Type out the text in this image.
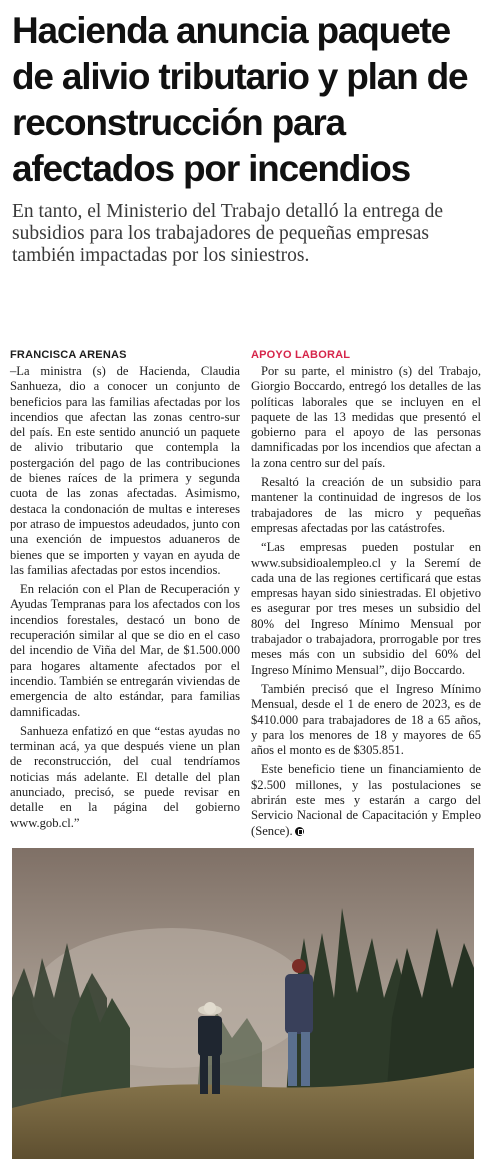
Hacienda anuncia paquete de alivio tributario y plan de reconstrucción para afectados por incendios

En tanto, el Ministerio del Trabajo detalló la entrega de subsidios para los trabajadores de pequeñas empresas también impactadas por los siniestros.

FRANCISCA ARENAS

–La ministra (s) de Hacienda, Claudia Sanhueza, dio a conocer un conjunto de beneficios para las familias afectadas por los incendios que afectan las zonas centro-sur del país. En este sentido anunció un paquete de alivio tributario que contempla la postergación del pago de las contribuciones de bienes raíces de la primera y segunda cuota de las zonas afectadas. Asimismo, destaca la condonación de multas e intereses por atraso de impuestos adeudados, junto con una exención de impuestos aduaneros de bienes que se importen y vayan en ayuda de las familias afectadas por estos incendios.

En relación con el Plan de Recuperación y Ayudas Tempranas para los afectados con los incendios forestales, destacó un bono de recuperación similar al que se dio en el caso del incendio de Viña del Mar, de $1.500.000 para hogares altamente afectados por el incendio. También se entregarán viviendas de emergencia de alto estándar, para familias damnificadas.

Sanhueza enfatizó en que “estas ayudas no terminan acá, ya que después viene un plan de reconstrucción, del cual tendríamos noticias más adelante. El detalle del plan anunciado, precisó, se puede revisar en detalle en la página del gobierno www.gob.cl.”

APOYO LABORAL

Por su parte, el ministro (s) del Trabajo, Giorgio Boccardo, entregó los detalles de las políticas laborales que se incluyen en el paquete de las 13 medidas que presentó el gobierno para el apoyo de las personas damnificadas por los incendios que afectan a la zona centro sur del país.

Resaltó la creación de un subsidio para mantener la continuidad de ingresos de los trabajadores de las micro y pequeñas empresas afectadas por las catástrofes.

“Las empresas pueden postular en www.subsidioalempleo.cl y la Seremí de cada una de las regiones certificará que estas empresas hayan sido siniestradas. El objetivo es asegurar por tres meses un subsidio del 80% del Ingreso Mínimo Mensual por trabajador o trabajadora, prorrogable por tres meses más con un subsidio del 60% del Ingreso Mínimo Mensual”, dijo Boccardo.

También precisó que el Ingreso Mínimo Mensual, desde el 1 de enero de 2023, es de $410.000 para trabajadores de 18 a 65 años, y para los menores de 18 y mayores de 65 años el monto es de $305.851.

Este beneficio tiene un financiamiento de $2.500 millones, y las postulaciones se abrirán este mes y estarán a cargo del Servicio Nacional de Capacitación y Empleo (Sence).
